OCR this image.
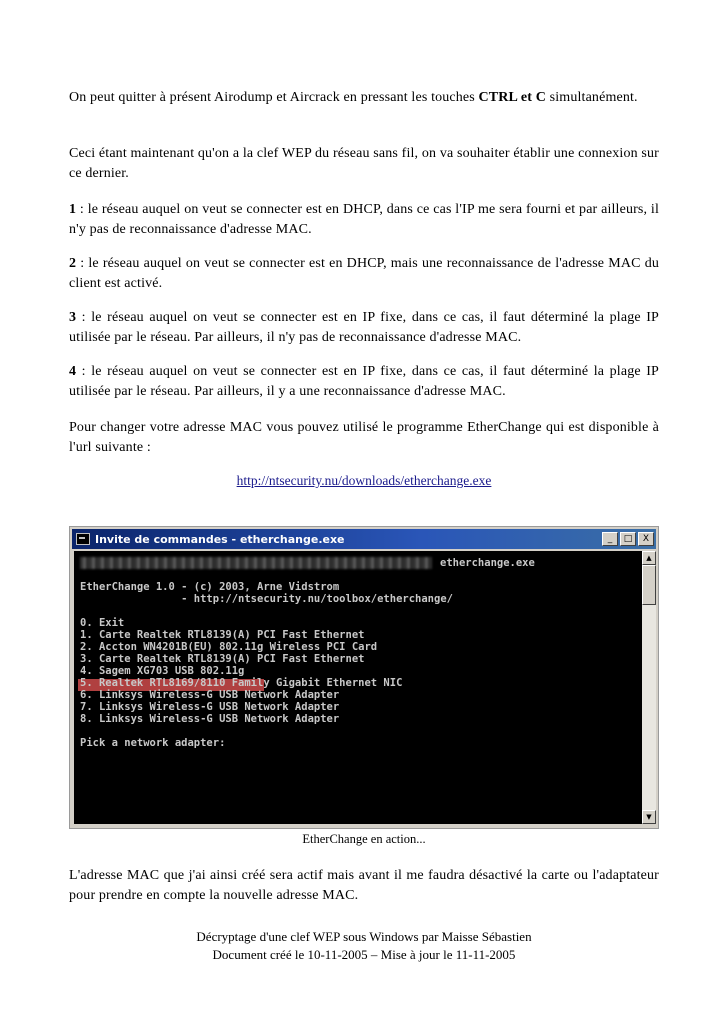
On peut quitter à présent Airodump et Aircrack en pressant les touches CTRL et C simultanément.

Ceci étant maintenant qu'on a la clef WEP du réseau sans fil, on va souhaiter établir une connexion sur ce dernier.

1 : le réseau auquel on veut se connecter est en DHCP, dans ce cas l'IP me sera fourni et par ailleurs, il n'y pas de reconnaissance d'adresse MAC.

2 : le réseau auquel on veut se connecter est en DHCP, mais une reconnaissance de l'adresse MAC du client est activé.

3 : le réseau auquel on veut se connecter est en IP fixe, dans ce cas, il faut déterminé la plage IP utilisée par le réseau. Par ailleurs, il n'y pas de reconnaissance d'adresse MAC.

4 : le réseau auquel on veut se connecter est en IP fixe, dans ce cas, il faut déterminé la plage IP utilisée par le réseau. Par ailleurs, il y a une reconnaissance d'adresse MAC.

Pour changer votre adresse MAC vous pouvez utilisé le programme EtherChange qui est disponible à l'url suivante :

http://ntsecurity.nu/downloads/etherchange.exe
Invite de commandes - etherchange.exe	_	□	X
etherchange.exe
EtherChange 1.0 - (c) 2003, Arne Vidstrom
- http://ntsecurity.nu/toolbox/etherchange/
0. Exit
1. Carte Realtek RTL8139(A) PCI Fast Ethernet
2. Accton WN4201B(EU) 802.11g Wireless PCI Card
3. Carte Realtek RTL8139(A) PCI Fast Ethernet
4. Sagem XG703 USB 802.11g
5. Realtek RTL8169/8110 Family Gigabit Ethernet NIC
6. Linksys Wireless-G USB Network Adapter
7. Linksys Wireless-G USB Network Adapter
8. Linksys Wireless-G USB Network Adapter
Pick a network adapter:
▲
▼
EtherChange en action...

L'adresse MAC que j'ai ainsi créé sera actif mais avant il me faudra désactivé la carte ou l'adaptateur pour prendre en compte la nouvelle adresse MAC.

Décryptage d'une clef WEP sous Windows par Maisse Sébastien
Document créé le 10-11-2005 – Mise à jour le 11-11-2005
